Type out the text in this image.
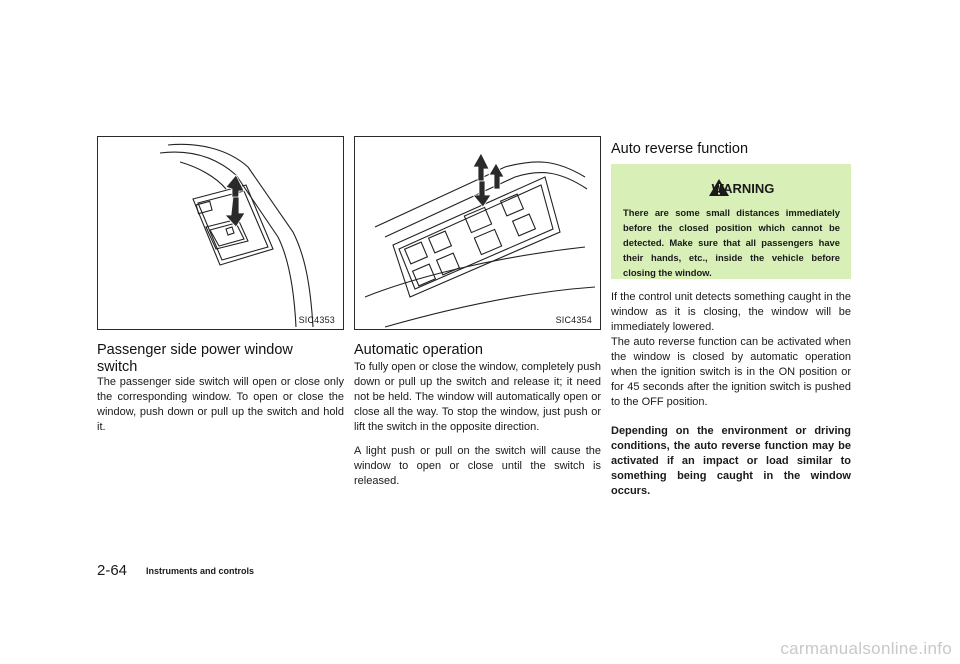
SIC4353	SIC4354
Passenger side power window switch

The passenger side switch will open or close only the corresponding window. To open or close the window, push down or pull up the switch and hold it.

Automatic operation

To fully open or close the window, completely push down or pull up the switch and release it; it need not be held. The window will automatically open or close all the way. To stop the window, just push or lift the switch in the opposite direction.

A light push or pull on the switch will cause the window to open or close until the switch is released.

Auto reverse function
WARNING
There are some small distances immediately before the closed position which cannot be detected. Make sure that all passengers have their hands, etc., inside the vehicle before closing the window.

If the control unit detects something caught in the window as it is closing, the window will be immediately lowered.

The auto reverse function can be activated when the window is closed by automatic operation when the ignition switch is in the ON position or for 45 seconds after the ignition switch is pushed to the OFF position.

Depending on the environment or driving conditions, the auto reverse function may be activated if an impact or load similar to something being caught in the window occurs.

2-64 Instruments and controls
carmanualsonline.info
